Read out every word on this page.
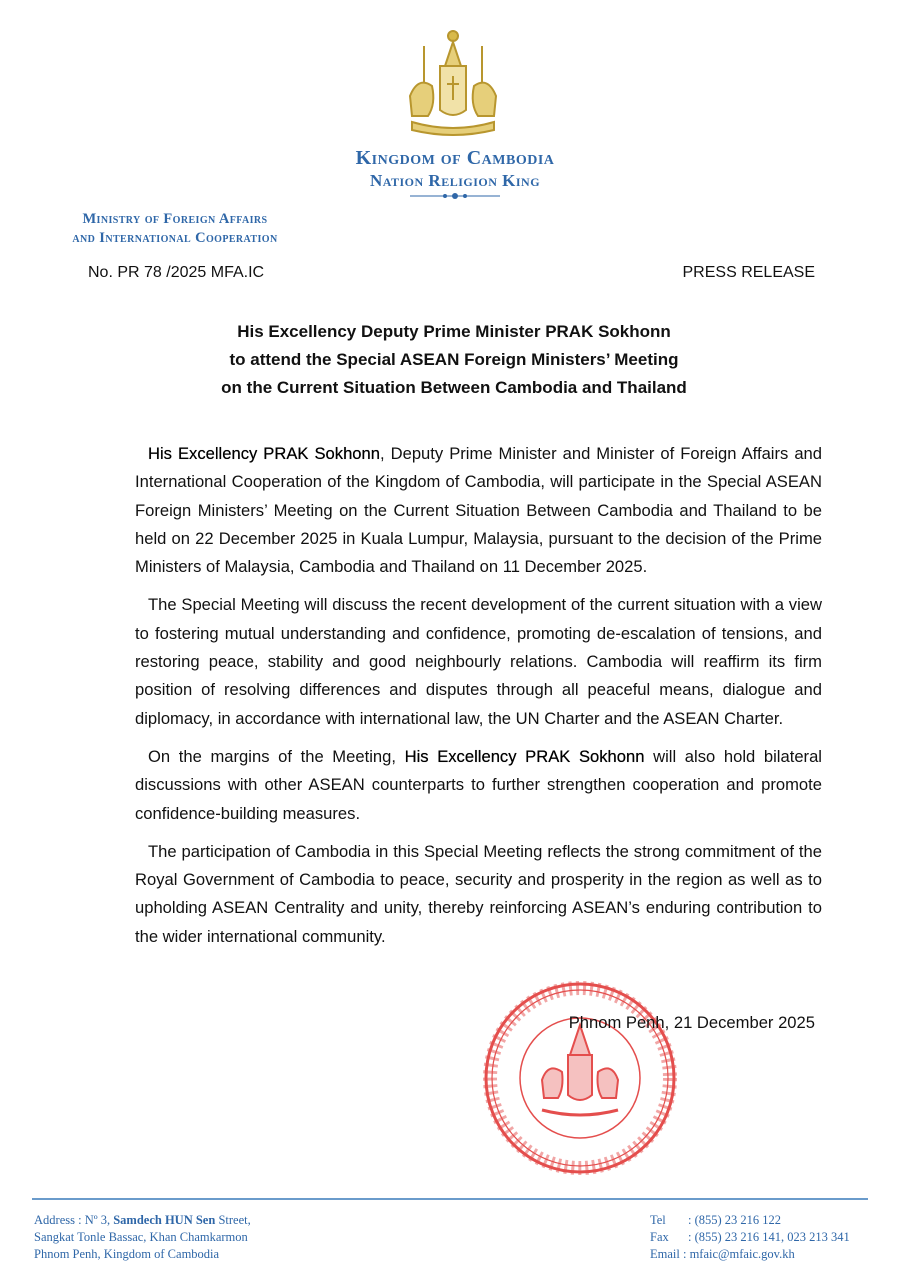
Kingdom of Cambodia
Nation Religion King
Ministry of Foreign Affairs
and International Cooperation
No. PR 78 /2025 MFA.IC	PRESS RELEASE
His Excellency Deputy Prime Minister PRAK Sokhonn
to attend the Special ASEAN Foreign Ministers’ Meeting
on the Current Situation Between Cambodia and Thailand

His Excellency PRAK Sokhonn, Deputy Prime Minister and Minister of Foreign Affairs and International Cooperation of the Kingdom of Cambodia, will participate in the Special ASEAN Foreign Ministers’ Meeting on the Current Situation Between Cambodia and Thailand to be held on 22 December 2025 in Kuala Lumpur, Malaysia, pursuant to the decision of the Prime Ministers of Malaysia, Cambodia and Thailand on 11 December 2025.

The Special Meeting will discuss the recent development of the current situation with a view to fostering mutual understanding and confidence, promoting de-escalation of tensions, and restoring peace, stability and good neighbourly relations. Cambodia will reaffirm its firm position of resolving differences and disputes through all peaceful means, dialogue and diplomacy, in accordance with international law, the UN Charter and the ASEAN Charter.

On the margins of the Meeting, His Excellency PRAK Sokhonn will also hold bilateral discussions with other ASEAN counterparts to further strengthen cooperation and promote confidence-building measures.

The participation of Cambodia in this Special Meeting reflects the strong commitment of the Royal Government of Cambodia to peace, security and prosperity in the region as well as to upholding ASEAN Centrality and unity, thereby reinforcing ASEAN’s enduring contribution to the wider international community.

Phnom Penh, 21 December 2025
Address : Nº 3, Samdech HUN Sen Street,
Sangkat Tonle Bassac, Khan Chamkarmon
Phnom Penh, Kingdom of Cambodia
Tel : (855) 23 216 122
Fax : (855) 23 216 141, 023 213 341
Email : mfaic@mfaic.gov.kh
